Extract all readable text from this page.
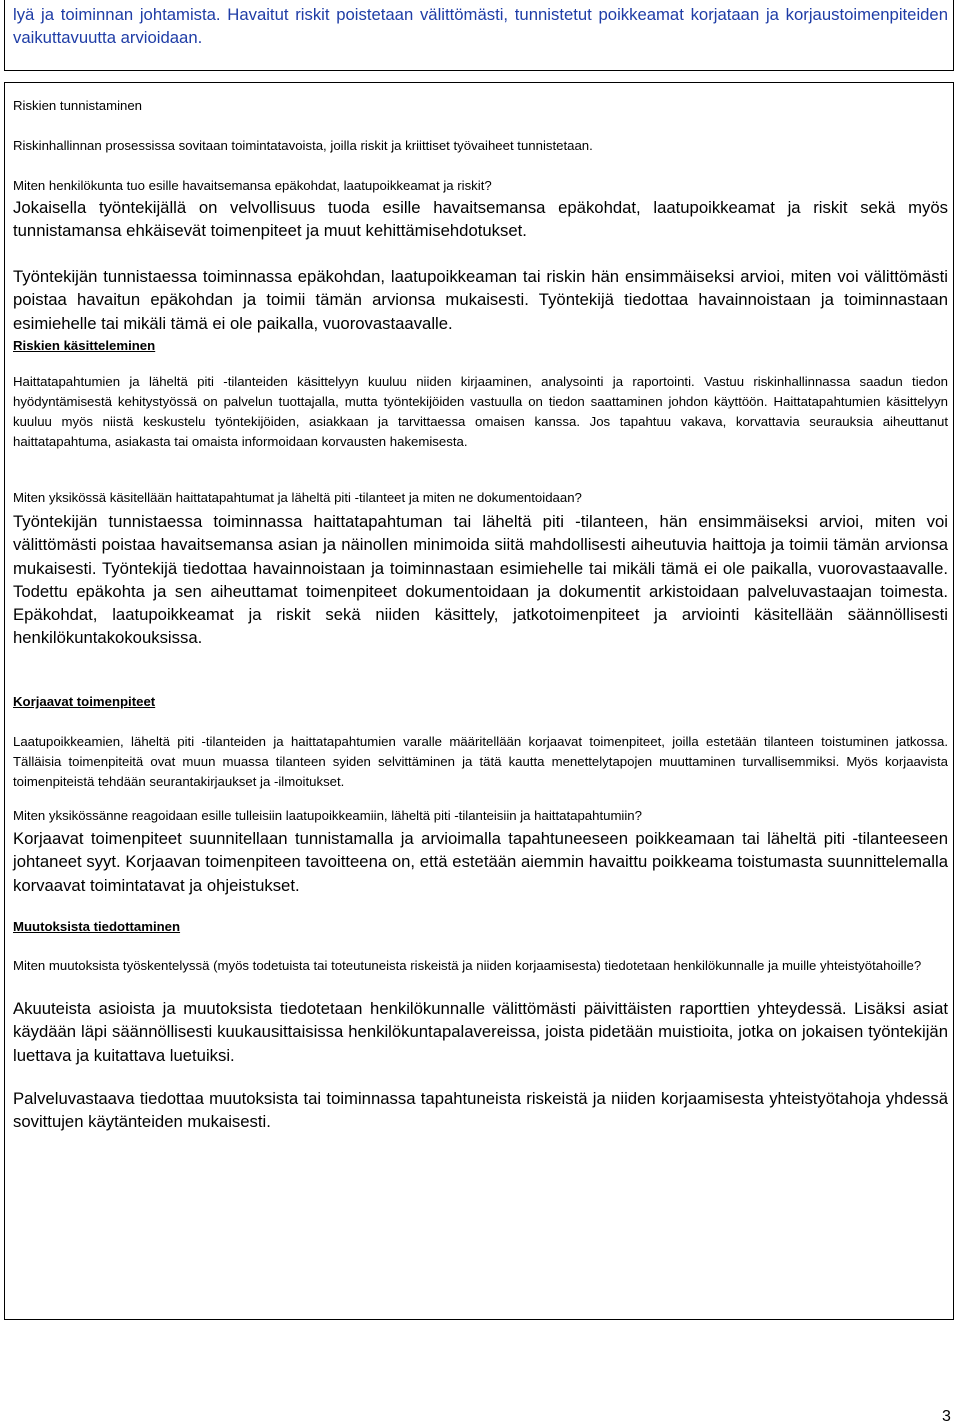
lyä ja toiminnan johtamista. Havaitut riskit poistetaan välittömästi, tunnistetut poikkeamat korjataan ja korjaustoimenpiteiden vaikuttavuutta arvioidaan.

Riskien tunnistaminen

Riskinhallinnan prosessissa sovitaan toimintatavoista, joilla riskit ja kriittiset työvaiheet tunnistetaan.

Miten henkilökunta tuo esille havaitsemansa epäkohdat, laatupoikkeamat ja riskit?

Jokaisella työntekijällä on velvollisuus tuoda esille havaitsemansa epäkohdat, laatupoikkeamat ja riskit sekä myös tunnistamansa ehkäisevät toimenpiteet ja muut kehittämisehdotukset.

Työntekijän tunnistaessa toiminnassa epäkohdan, laatupoikkeaman tai riskin hän ensimmäiseksi arvioi, miten voi välittömästi poistaa havaitun epäkohdan ja toimii tämän arvionsa mukaisesti. Työntekijä tiedottaa havainnoistaan ja toiminnastaan esimiehelle tai mikäli tämä ei ole paikalla, vuorovastaavalle.

Riskien käsitteleminen

Haittatapahtumien ja läheltä piti -tilanteiden käsittelyyn kuuluu niiden kirjaaminen, analysointi ja raportointi. Vastuu riskinhallinnassa saadun tiedon hyödyntämisestä kehitystyössä on palvelun tuottajalla, mutta työntekijöiden vastuulla on tiedon saattaminen johdon käyttöön. Haittatapahtumien käsittelyyn kuuluu myös niistä keskustelu työntekijöiden, asiakkaan ja tarvittaessa omaisen kanssa. Jos tapahtuu vakava, korvattavia seurauksia aiheuttanut haittatapahtuma, asiakasta tai omaista informoidaan korvausten hakemisesta.

Miten yksikössä käsitellään haittatapahtumat ja läheltä piti -tilanteet ja miten ne dokumentoidaan?

Työntekijän tunnistaessa toiminnassa haittatapahtuman tai läheltä piti -tilanteen, hän ensimmäiseksi arvioi, miten voi välittömästi poistaa havaitsemansa asian ja näinollen minimoida siitä mahdollisesti aiheutuvia haittoja ja toimii tämän arvionsa mukaisesti. Työntekijä tiedottaa havainnoistaan ja toiminnastaan esimiehelle tai mikäli tämä ei ole paikalla, vuorovastaavalle. Todettu epäkohta ja sen aiheuttamat toimenpiteet dokumentoidaan ja dokumentit arkistoidaan palveluvastaajan toimesta. Epäkohdat, laatupoikkeamat ja riskit sekä niiden käsittely, jatkotoimenpiteet ja arviointi käsitellään säännöllisesti henkilökuntakokouksissa.

Korjaavat toimenpiteet

Laatupoikkeamien, läheltä piti -tilanteiden ja haittatapahtumien varalle määritellään korjaavat toimenpiteet, joilla estetään tilanteen toistuminen jatkossa. Tälläisia toimenpiteitä ovat muun muassa tilanteen syiden selvittäminen ja tätä kautta menettelytapojen muuttaminen turvallisemmiksi. Myös korjaavista toimenpiteistä tehdään seurantakirjaukset ja -ilmoitukset.

Miten yksikössänne reagoidaan esille tulleisiin laatupoikkeamiin, läheltä piti -tilanteisiin ja haittatapahtumiin?

Korjaavat toimenpiteet suunnitellaan tunnistamalla ja arvioimalla tapahtuneeseen poikkeamaan tai läheltä piti -tilanteeseen johtaneet syyt. Korjaavan toimenpiteen tavoitteena on, että estetään aiemmin havaittu poikkeama toistumasta suunnittelemalla korvaavat toimintatavat ja ohjeistukset.

Muutoksista tiedottaminen

Miten muutoksista työskentelyssä (myös todetuista tai toteutuneista riskeistä ja niiden korjaamisesta) tiedotetaan henkilökunnalle ja muille yhteistyötahoille?

Akuuteista asioista ja muutoksista tiedotetaan henkilökunnalle välittömästi päivittäisten raporttien yhteydessä. Lisäksi asiat käydään läpi säännöllisesti kuukausittaisissa henkilökuntapalavereissa, joista pidetään muistioita, jotka on jokaisen työntekijän luettava ja kuitattava luetuiksi.

Palveluvastaava tiedottaa muutoksista tai toiminnassa tapahtuneista riskeistä ja niiden korjaamisesta yhteistyötahoja yhdessä sovittujen käytänteiden mukaisesti.

3
